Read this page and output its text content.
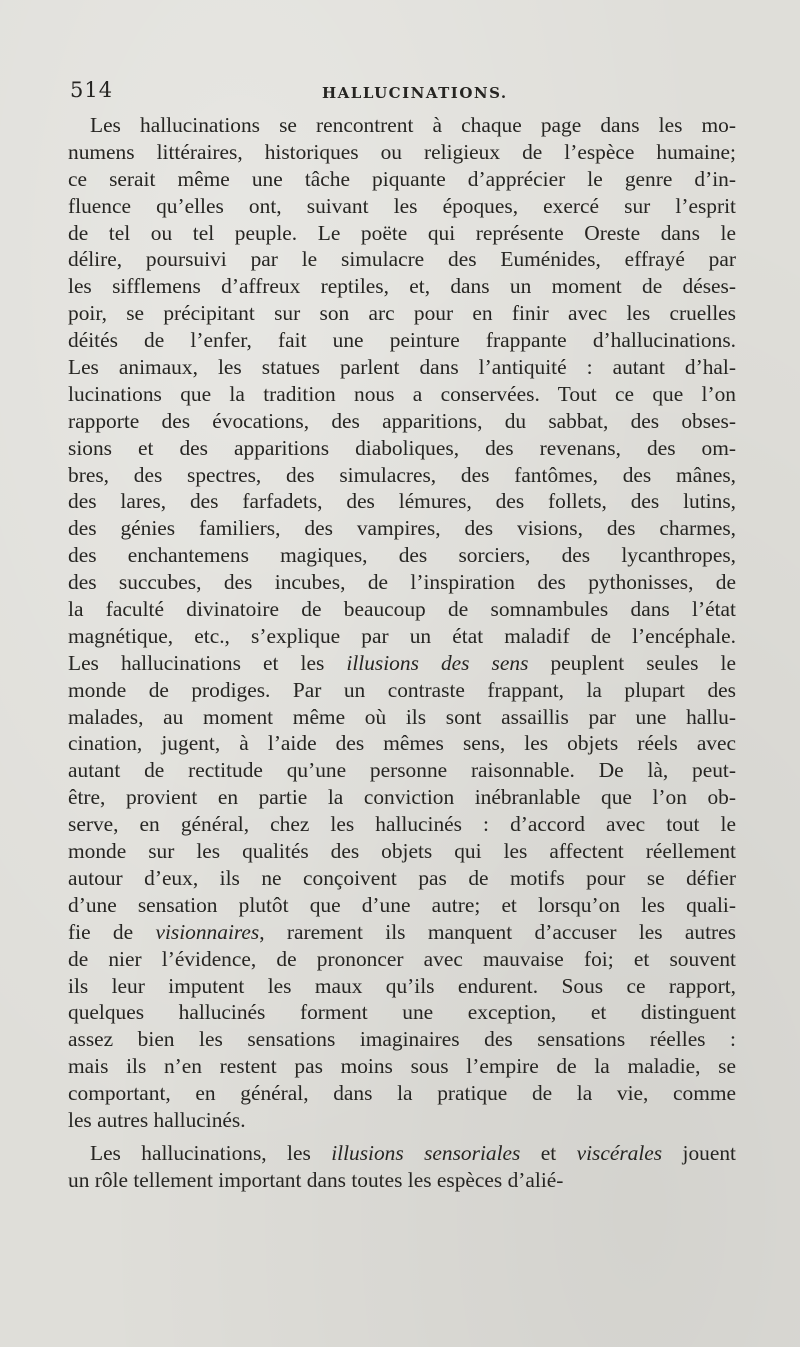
514	HALLUCINATIONS.
Les hallucinations se rencontrent à chaque page dans les mo-
numens littéraires, historiques ou religieux de l’espèce humaine;
ce serait même une tâche piquante d’apprécier le genre d’in-
fluence qu’elles ont, suivant les époques, exercé sur l’esprit
de tel ou tel peuple. Le poëte qui représente Oreste dans le
délire, poursuivi par le simulacre des Euménides, effrayé par
les sifflemens d’affreux reptiles, et, dans un moment de déses-
poir, se précipitant sur son arc pour en finir avec les cruelles
déités de l’enfer, fait une peinture frappante d’hallucinations.
Les animaux, les statues parlent dans l’antiquité : autant d’hal-
lucinations que la tradition nous a conservées. Tout ce que l’on
rapporte des évocations, des apparitions, du sabbat, des obses-
sions et des apparitions diaboliques, des revenans, des om-
bres, des spectres, des simulacres, des fantômes, des mânes,
des lares, des farfadets, des lémures, des follets, des lutins,
des génies familiers, des vampires, des visions, des charmes,
des enchantemens magiques, des sorciers, des lycanthropes,
des succubes, des incubes, de l’inspiration des pythonisses, de
la faculté divinatoire de beaucoup de somnambules dans l’état
magnétique, etc., s’explique par un état maladif de l’encéphale.
Les hallucinations et les illusions des sens peuplent seules le
monde de prodiges. Par un contraste frappant, la plupart des
malades, au moment même où ils sont assaillis par une hallu-
cination, jugent, à l’aide des mêmes sens, les objets réels avec
autant de rectitude qu’une personne raisonnable. De là, peut-
être, provient en partie la conviction inébranlable que l’on ob-
serve, en général, chez les hallucinés : d’accord avec tout le
monde sur les qualités des objets qui les affectent réellement
autour d’eux, ils ne conçoivent pas de motifs pour se défier
d’une sensation plutôt que d’une autre; et lorsqu’on les quali-
fie de visionnaires, rarement ils manquent d’accuser les autres
de nier l’évidence, de prononcer avec mauvaise foi; et souvent
ils leur imputent les maux qu’ils endurent. Sous ce rapport,
quelques hallucinés forment une exception, et distinguent
assez bien les sensations imaginaires des sensations réelles :
mais ils n’en restent pas moins sous l’empire de la maladie, se
comportant, en général, dans la pratique de la vie, comme
les autres hallucinés.
Les hallucinations, les illusions sensoriales et viscérales jouent
un rôle tellement important dans toutes les espèces d’alié-
